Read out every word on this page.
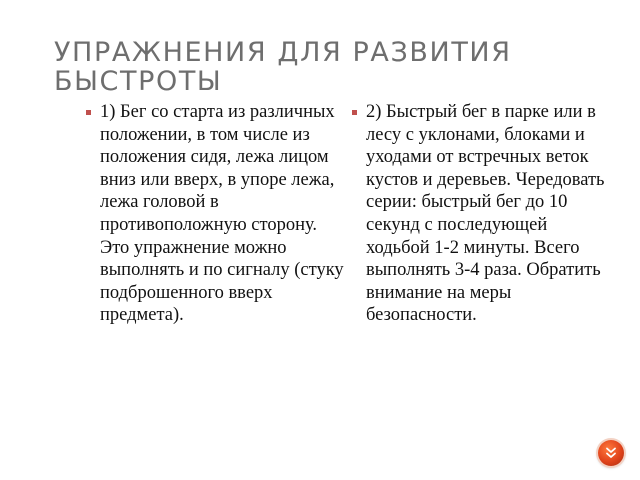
УПРАЖНЕНИЯ ДЛЯ РАЗВИТИЯ БЫСТРОТЫ

1) Бег со старта из различных положении, в том числе из положения сидя, лежа лицом вниз или вверх, в упоре лежа, лежа головой в противоположную сторону. Это упражнение можно выполнять и по сигналу (стуку подброшенного вверх предмета).

2) Быстрый бег в парке или в лесу с уклонами, блоками и уходами от встречных веток кустов и деревьев. Чередовать серии: быстрый бег до 10 секунд с последующей ходьбой 1-2 минуты. Всего выполнять 3-4 раза. Обратить внимание на меры безопасности.
